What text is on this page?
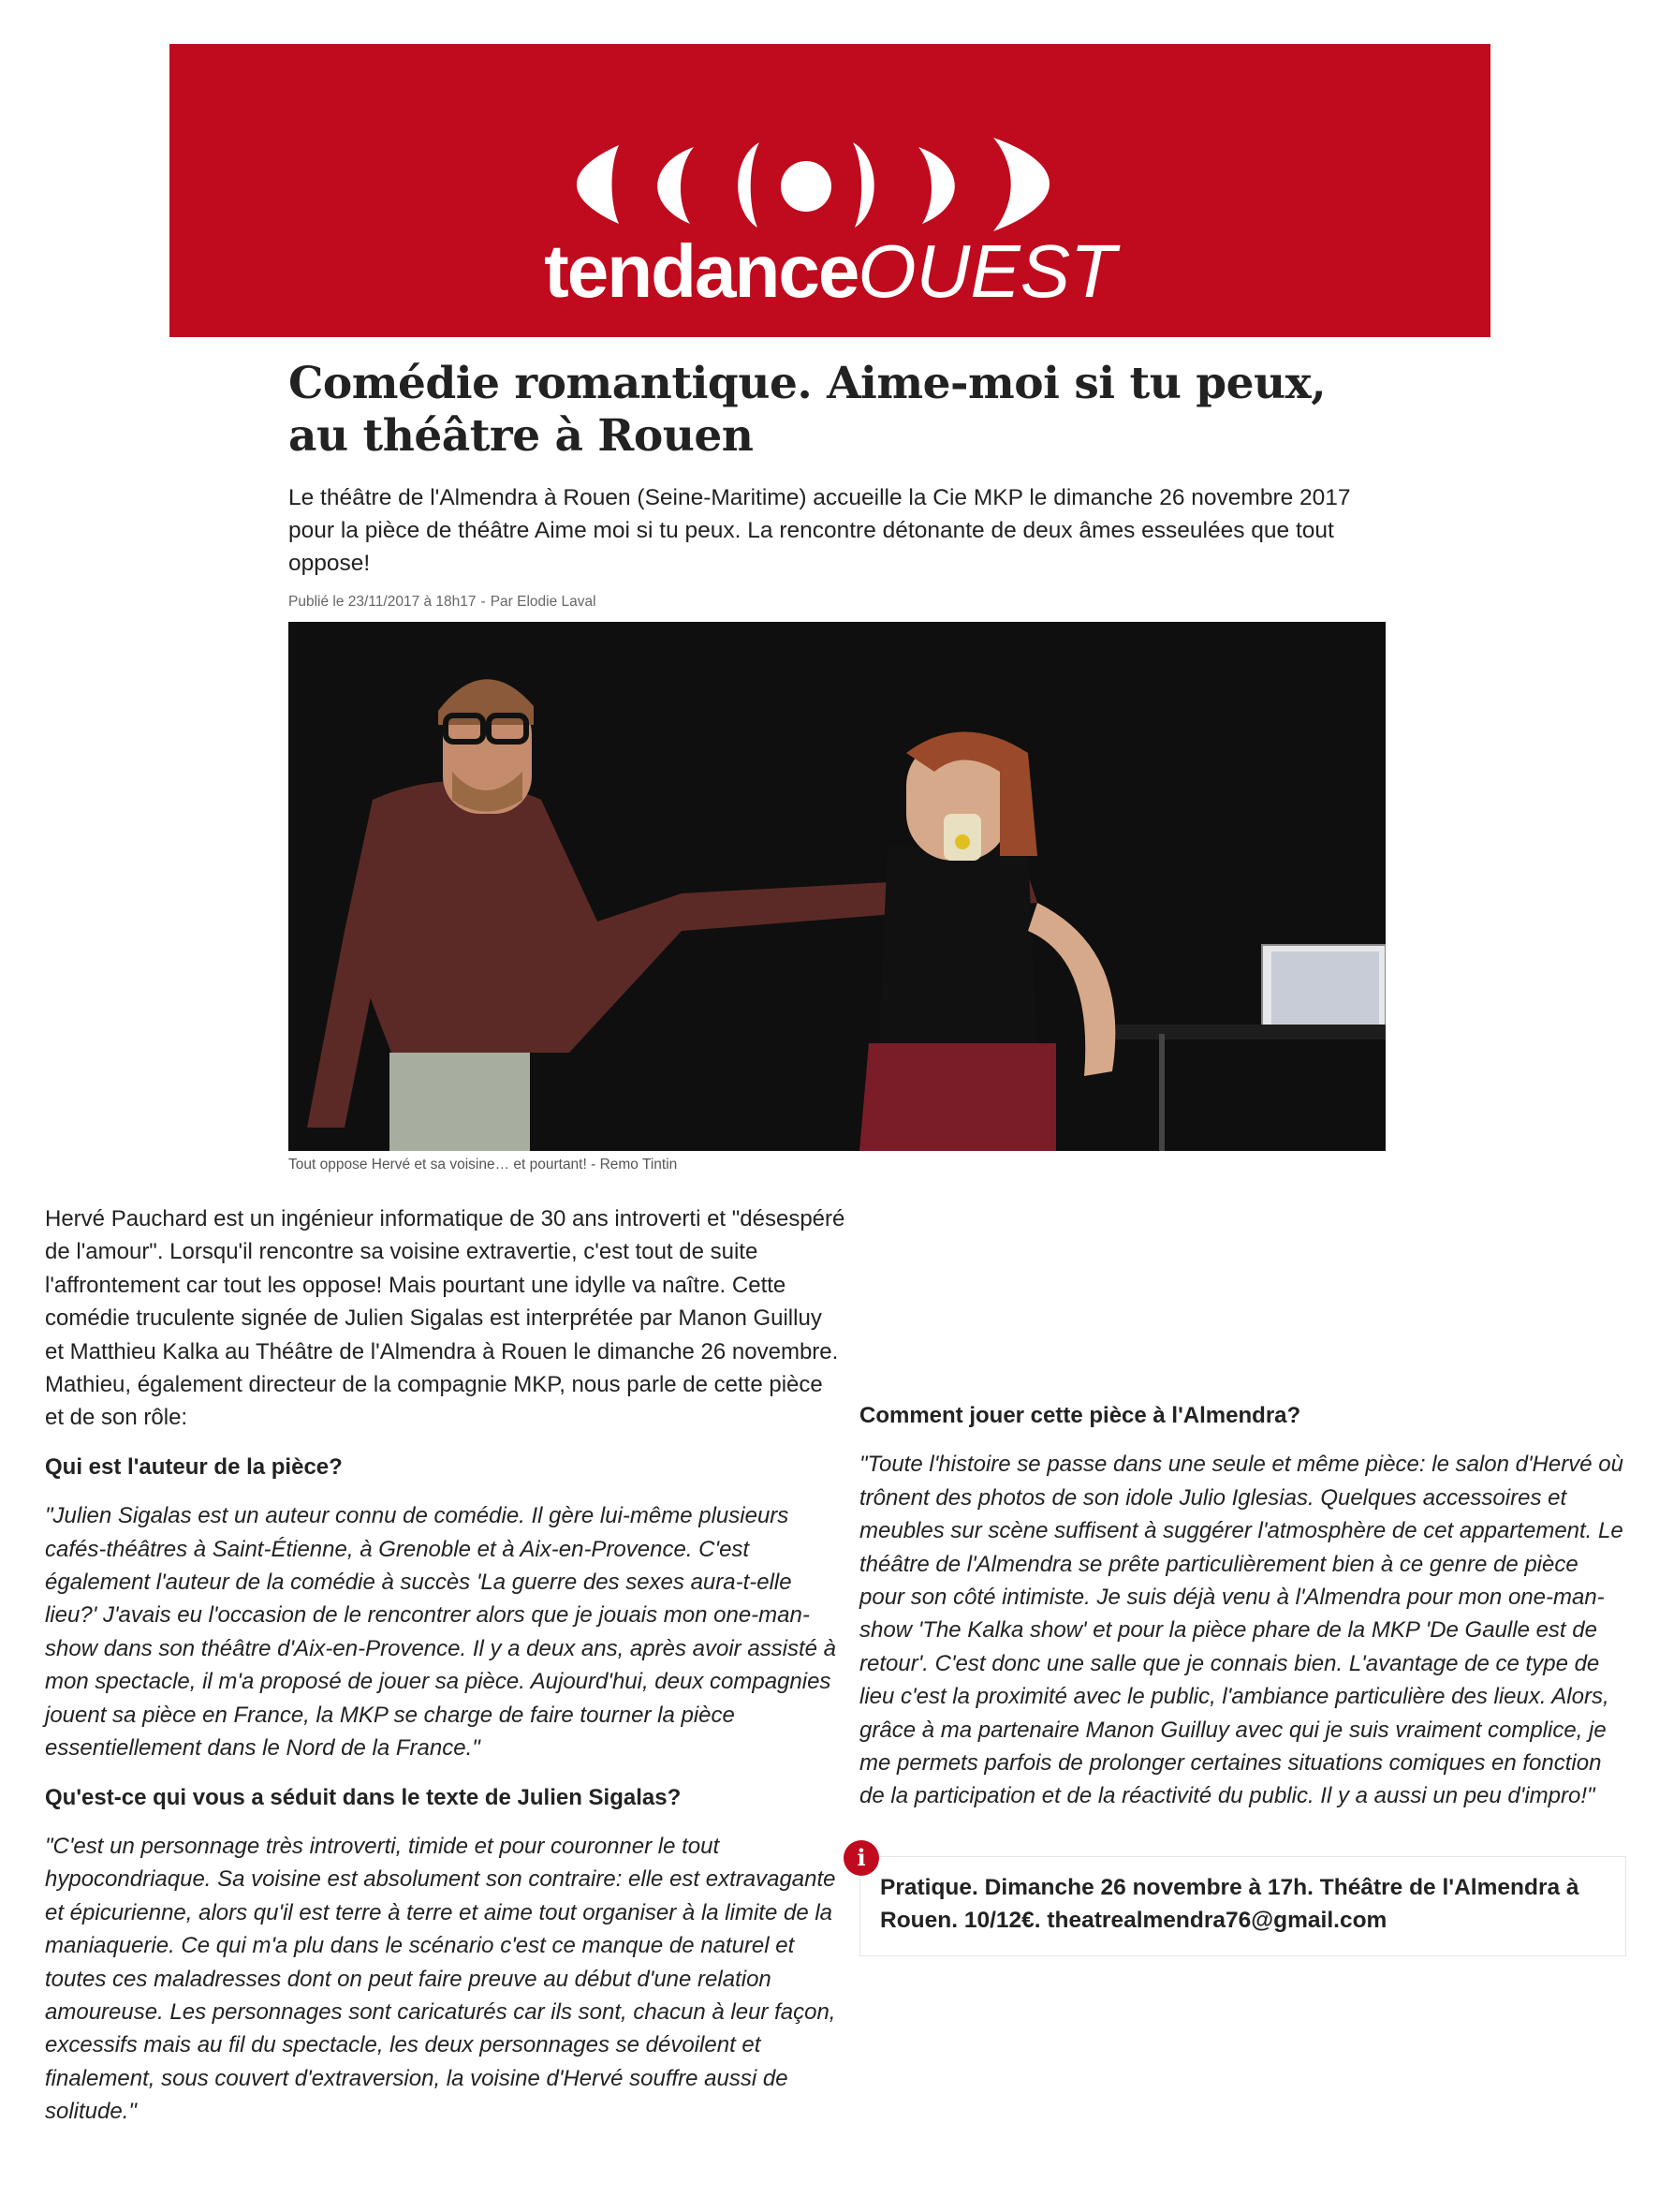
tendanceOUEST
Comédie romantique. Aime-moi si tu peux, au théâtre à Rouen

Le théâtre de l'Almendra à Rouen (Seine-Maritime) accueille la Cie MKP le dimanche 26 novembre 2017 pour la pièce de théâtre Aime moi si tu peux. La rencontre détonante de deux âmes esseulées que tout oppose!

Publié le 23/11/2017 à 18h17 - Par Elodie Laval
Tout oppose Hervé et sa voisine… et pourtant! - Remo Tintin

Hervé Pauchard est un ingénieur informatique de 30 ans introverti et "désespéré de l'amour". Lorsqu'il rencontre sa voisine extravertie, c'est tout de suite l'affrontement car tout les oppose! Mais pourtant une idylle va naître. Cette comédie truculente signée de Julien Sigalas est interprétée par Manon Guilluy et Matthieu Kalka au Théâtre de l'Almendra à Rouen le dimanche 26 novembre. Mathieu, également directeur de la compagnie MKP, nous parle de cette pièce et de son rôle:

Qui est l'auteur de la pièce?

"Julien Sigalas est un auteur connu de comédie. Il gère lui-même plusieurs cafés-théâtres à Saint-Étienne, à Grenoble et à Aix-en-Provence. C'est également l'auteur de la comédie à succès 'La guerre des sexes aura-t-elle lieu?' J'avais eu l'occasion de le rencontrer alors que je jouais mon one-man-show dans son théâtre d'Aix-en-Provence. Il y a deux ans, après avoir assisté à mon spectacle, il m'a proposé de jouer sa pièce. Aujourd'hui, deux compagnies jouent sa pièce en France, la MKP se charge de faire tourner la pièce essentiellement dans le Nord de la France."

Qu'est-ce qui vous a séduit dans le texte de Julien Sigalas?

"C'est un personnage très introverti, timide et pour couronner le tout hypocondriaque. Sa voisine est absolument son contraire: elle est extravagante et épicurienne, alors qu'il est terre à terre et aime tout organiser à la limite de la maniaquerie. Ce qui m'a plu dans le scénario c'est ce manque de naturel et toutes ces maladresses dont on peut faire preuve au début d'une relation amoureuse. Les personnages sont caricaturés car ils sont, chacun à leur façon, excessifs mais au fil du spectacle, les deux personnages se dévoilent et finalement, sous couvert d'extraversion, la voisine d'Hervé souffre aussi de solitude."

Comment jouer cette pièce à l'Almendra?

"Toute l'histoire se passe dans une seule et même pièce: le salon d'Hervé où trônent des photos de son idole Julio Iglesias. Quelques accessoires et meubles sur scène suffisent à suggérer l'atmosphère de cet appartement. Le théâtre de l'Almendra se prête particulièrement bien à ce genre de pièce pour son côté intimiste. Je suis déjà venu à l'Almendra pour mon one-man-show 'The Kalka show' et pour la pièce phare de la MKP 'De Gaulle est de retour'. C'est donc une salle que je connais bien. L'avantage de ce type de lieu c'est la proximité avec le public, l'ambiance particulière des lieux. Alors, grâce à ma partenaire Manon Guilluy avec qui je suis vraiment complice, je me permets parfois de prolonger certaines situations comiques en fonction de la participation et de la réactivité du public. Il y a aussi un peu d'impro!"

i
Pratique. Dimanche 26 novembre à 17h. Théâtre de l'Almendra à Rouen. 10/12€. theatrealmendra76@gmail.com
